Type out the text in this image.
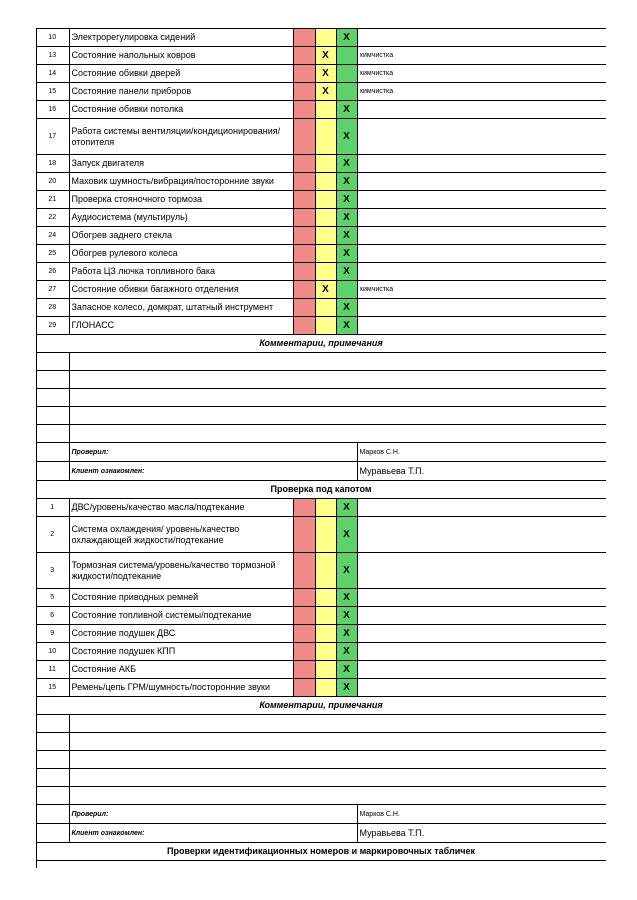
10	Электрорегулировка сидений			X	
13	Состояние напольных ковров		X		химчистка
14	Состояние обивки дверей		X		химчистка
15	Состояние панели приборов		X		химчистка
16	Состояние обивки потолка			X	
17	Работа системы вентиляции/кондиционирования/ отопителя			X	
18	Запуск двигателя			X	
20	Маховик шумность/вибрация/посторонние звуки			X	
21	Проверка стояночного тормоза			X	
22	Аудиосистема (мультируль)			X	
24	Обогрев заднего стекла			X	
25	Обогрев рулевого колеса			X	
26	Работа ЦЗ лючка топливного бака			X	
27	Состояние обивки багажного отделения		X		химчистка
28	Запасное колесо, домкрат, штатный инструмент			X	
29	ГЛОНАСС			X	
Комментарии, примечания					

	Проверил:				Марков С.Н.
	Клиент ознакомлен:				Муравьева Т.П.
Проверка под капотом					
1	ДВС/уровень/качество масла/подтекание			X	
2	Система охлаждения/ уровень/качество охлаждающей жидкости/подтекание			X	
3	Тормозная система/уровень/качество тормозной жидкости/подтекание			X	
5	Состояние приводных ремней			X	
6	Состояние топливной системы/подтекание			X	
9	Состояние подушек ДВС			X	
10	Состояние подушек КПП			X	
11	Состояние АКБ			X	
15	Ремень/цепь ГРМ/шумность/посторонние звуки			X	
Комментарии, примечания					

	Проверил:				Марков С.Н.
	Клиент ознакомлен:				Муравьева Т.П.
Проверки идентификационных номеров и маркировочных табличек					
